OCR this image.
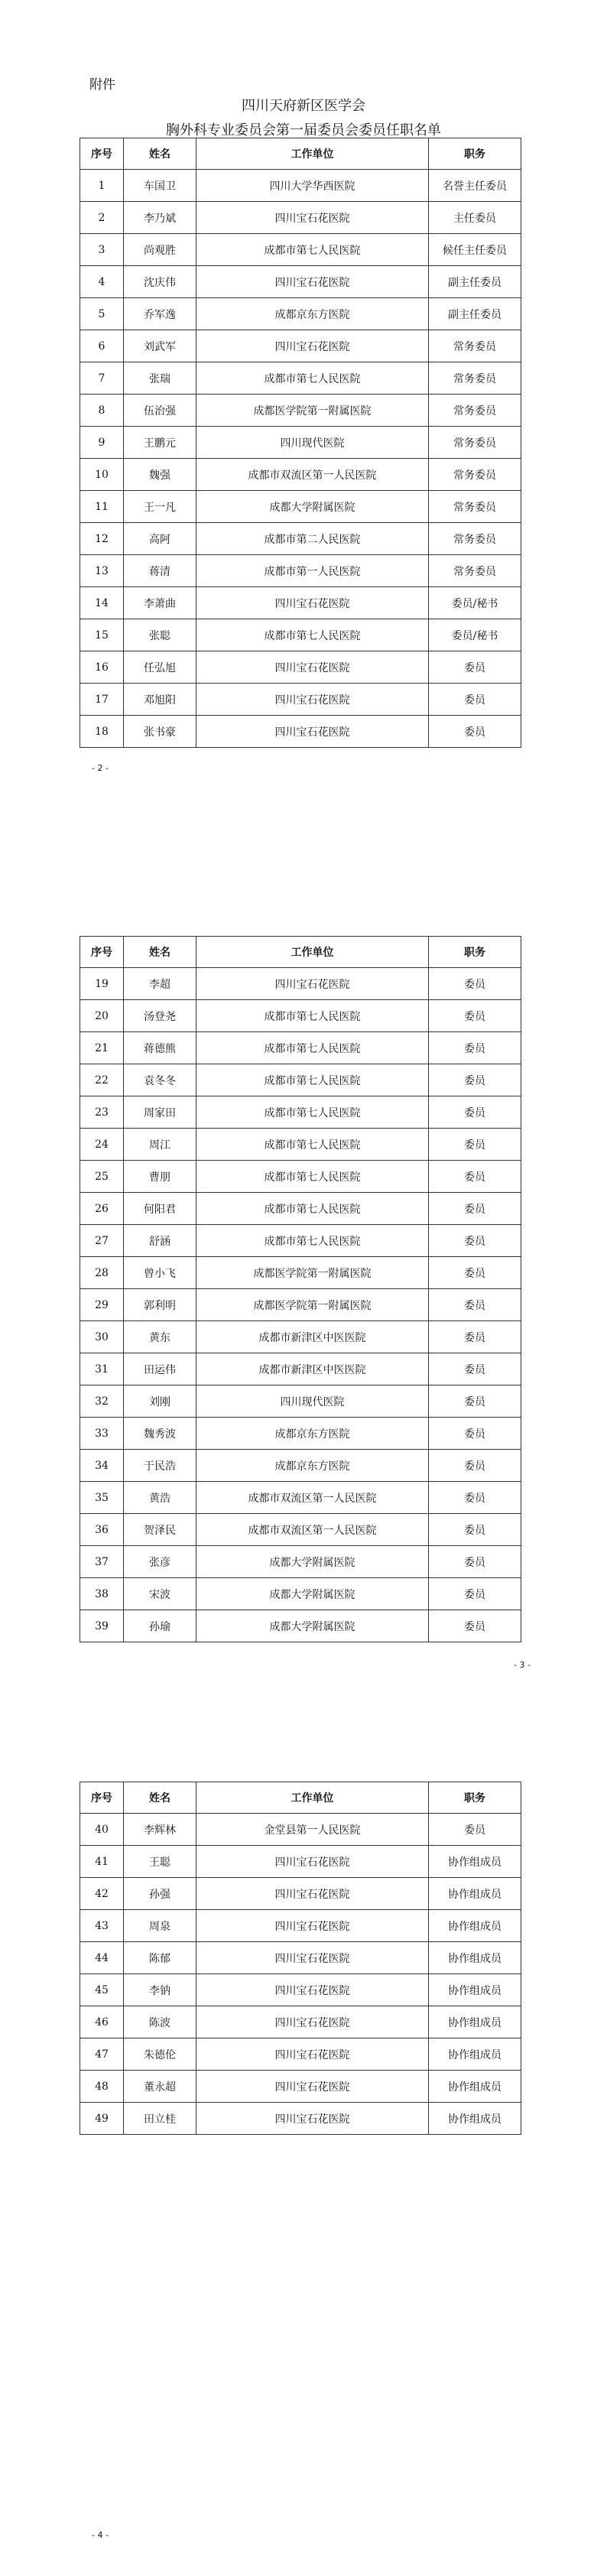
附件
四川天府新区医学会
胸外科专业委员会第一届委员会委员任职名单
序号	姓名	工作单位	职务
1	车国卫	四川大学华西医院	名誉主任委员
2	李乃斌	四川宝石花医院	主任委员
3	尚观胜	成都市第七人民医院	候任主任委员
4	沈庆伟	四川宝石花医院	副主任委员
5	乔军逸	成都京东方医院	副主任委员
6	刘武军	四川宝石花医院	常务委员
7	张瑞	成都市第七人民医院	常务委员
8	伍治强	成都医学院第一附属医院	常务委员
9	王鹏元	四川现代医院	常务委员
10	魏强	成都市双流区第一人民医院	常务委员
11	王一凡	成都大学附属医院	常务委员
12	高阿	成都市第二人民医院	常务委员
13	蒋清	成都市第一人民医院	常务委员
14	李萧曲	四川宝石花医院	委员/秘书
15	张聪	成都市第七人民医院	委员/秘书
16	任弘旭	四川宝石花医院	委员
17	邓旭阳	四川宝石花医院	委员
18	张书豪	四川宝石花医院	委员
- 2 -
序号	姓名	工作单位	职务
19	李超	四川宝石花医院	委员
20	汤登尧	成都市第七人民医院	委员
21	蒋德熊	成都市第七人民医院	委员
22	袁冬冬	成都市第七人民医院	委员
23	周家田	成都市第七人民医院	委员
24	周江	成都市第七人民医院	委员
25	曹朋	成都市第七人民医院	委员
26	何阳君	成都市第七人民医院	委员
27	舒涵	成都市第七人民医院	委员
28	曾小飞	成都医学院第一附属医院	委员
29	郭利明	成都医学院第一附属医院	委员
30	黄东	成都市新津区中医医院	委员
31	田运伟	成都市新津区中医医院	委员
32	刘刚	四川现代医院	委员
33	魏秀波	成都京东方医院	委员
34	于民浩	成都京东方医院	委员
35	黄浩	成都市双流区第一人民医院	委员
36	贺泽民	成都市双流区第一人民医院	委员
37	张彦	成都大学附属医院	委员
38	宋波	成都大学附属医院	委员
39	孙瑜	成都大学附属医院	委员
- 3 -
序号	姓名	工作单位	职务
40	李辉林	金堂县第一人民医院	委员
41	王聪	四川宝石花医院	协作组成员
42	孙强	四川宝石花医院	协作组成员
43	周泉	四川宝石花医院	协作组成员
44	陈郁	四川宝石花医院	协作组成员
45	李钠	四川宝石花医院	协作组成员
46	陈波	四川宝石花医院	协作组成员
47	朱德伦	四川宝石花医院	协作组成员
48	董永超	四川宝石花医院	协作组成员
49	田立桂	四川宝石花医院	协作组成员
- 4 -
